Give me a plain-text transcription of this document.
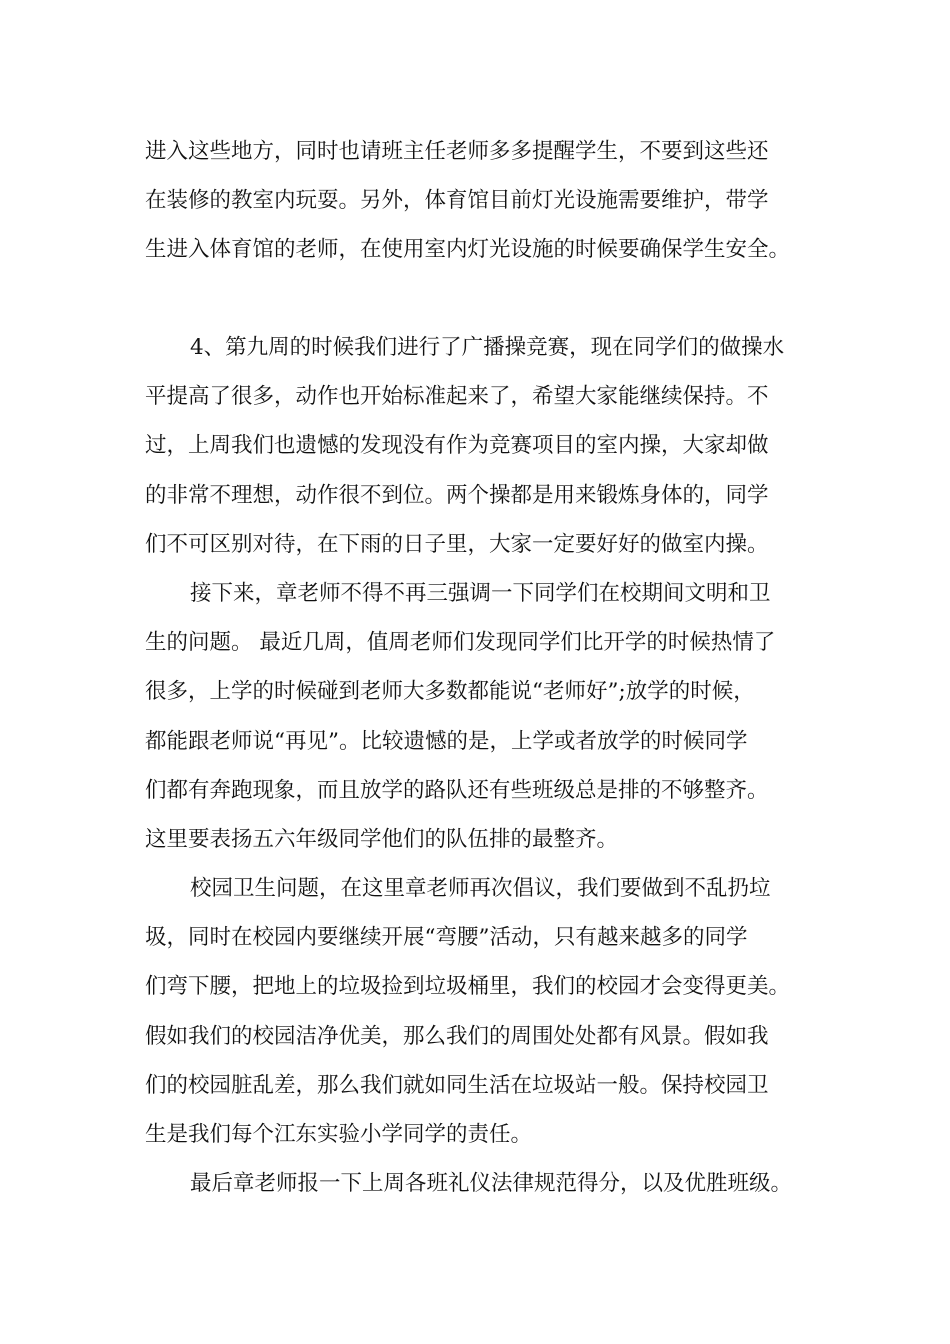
进入这些地方，同时也请班主任老师多多提醒学生，不要到这些还
在装修的教室内玩耍。另外，体育馆目前灯光设施需要维护，带学
生进入体育馆的老师，在使用室内灯光设施的时候要确保学生安全。
4、第九周的时候我们进行了广播操竞赛，现在同学们的做操水
平提高了很多，动作也开始标准起来了，希望大家能继续保持。不
过，上周我们也遗憾的发现没有作为竞赛项目的室内操，大家却做
的非常不理想，动作很不到位。两个操都是用来锻炼身体的，同学
们不可区别对待，在下雨的日子里，大家一定要好好的做室内操。
接下来，章老师不得不再三强调一下同学们在校期间文明和卫
生的问题。 最近几周，值周老师们发现同学们比开学的时候热情了
很多，上学的时候碰到老师大多数都能说“老师好”;放学的时候，
都能跟老师说“再见”。比较遗憾的是，上学或者放学的时候同学
们都有奔跑现象，而且放学的路队还有些班级总是排的不够整齐。
这里要表扬五六年级同学他们的队伍排的最整齐。
校园卫生问题，在这里章老师再次倡议，我们要做到不乱扔垃
圾，同时在校园内要继续开展“弯腰”活动，只有越来越多的同学
们弯下腰，把地上的垃圾捡到垃圾桶里，我们的校园才会变得更美。
假如我们的校园洁净优美，那么我们的周围处处都有风景。假如我
们的校园脏乱差，那么我们就如同生活在垃圾站一般。保持校园卫
生是我们每个江东实验小学同学的责任。
最后章老师报一下上周各班礼仪法律规范得分，以及优胜班级。
